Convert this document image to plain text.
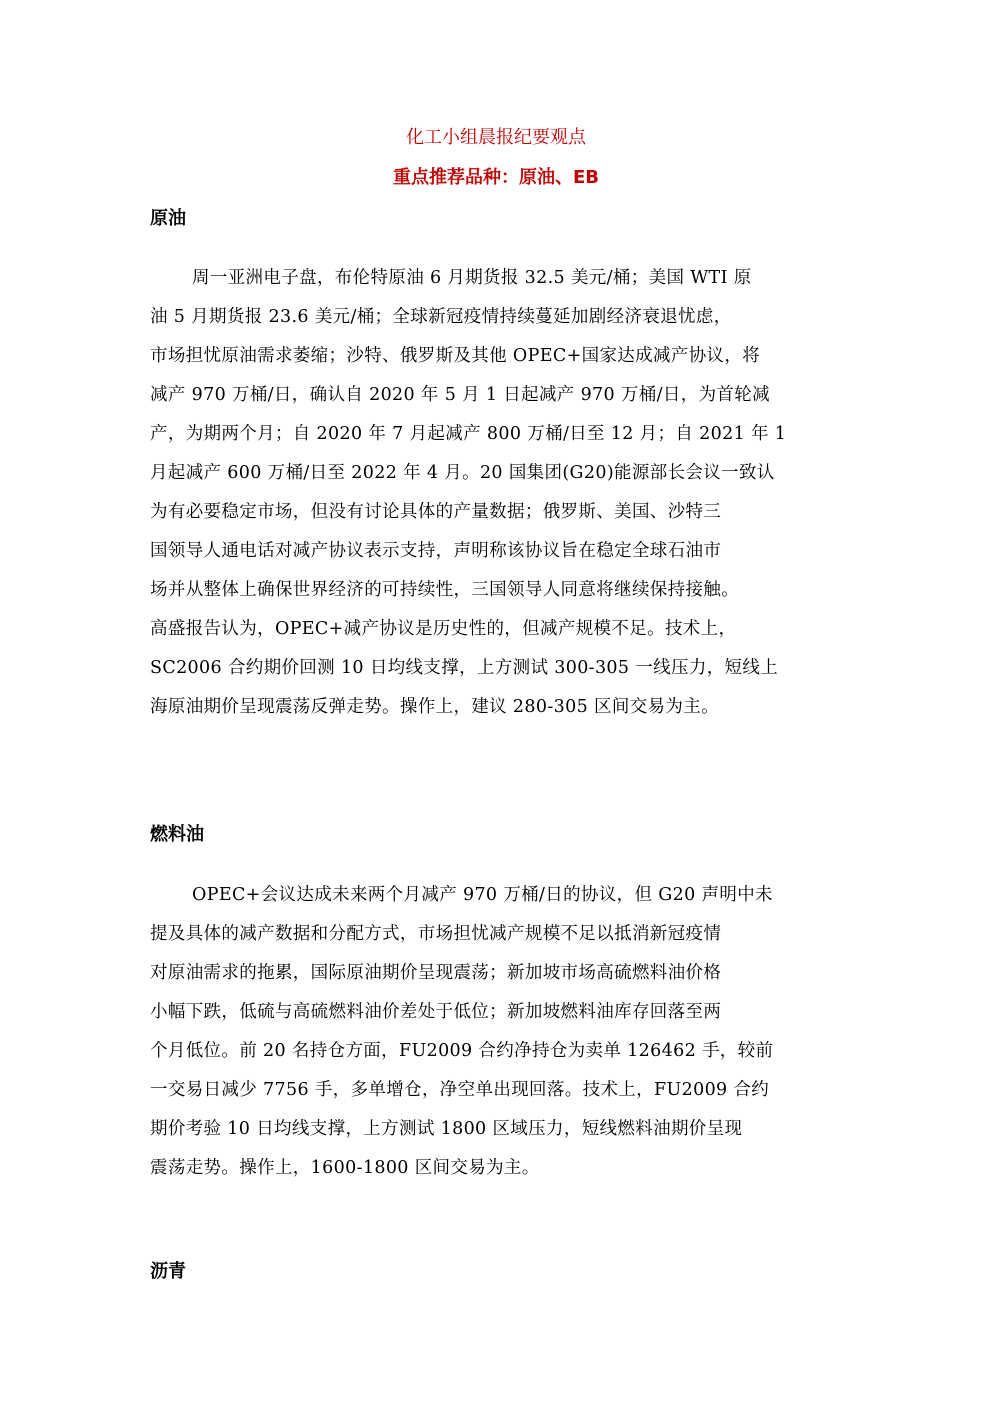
化工小组晨报纪要观点
重点推荐品种：原油、EB
原油
周一亚洲电子盘，布伦特原油 6 月期货报 32.5 美元/桶；美国 WTI 原
油 5 月期货报 23.6 美元/桶；全球新冠疫情持续蔓延加剧经济衰退忧虑，
市场担忧原油需求萎缩；沙特、俄罗斯及其他 OPEC+国家达成减产协议，将
减产 970 万桶/日，确认自 2020 年 5 月 1 日起减产 970 万桶/日，为首轮减
产，为期两个月；自 2020 年 7 月起减产 800 万桶/日至 12 月；自 2021 年 1
月起减产 600 万桶/日至 2022 年 4 月。20 国集团(G20)能源部长会议一致认
为有必要稳定市场，但没有讨论具体的产量数据；俄罗斯、美国、沙特三
国领导人通电话对减产协议表示支持，声明称该协议旨在稳定全球石油市
场并从整体上确保世界经济的可持续性，三国领导人同意将继续保持接触。
高盛报告认为，OPEC+减产协议是历史性的，但减产规模不足。技术上，
SC2006 合约期价回测 10 日均线支撑，上方测试 300-305 一线压力，短线上
海原油期价呈现震荡反弹走势。操作上，建议 280-305 区间交易为主。
燃料油
OPEC+会议达成未来两个月减产 970 万桶/日的协议，但 G20 声明中未
提及具体的减产数据和分配方式，市场担忧减产规模不足以抵消新冠疫情
对原油需求的拖累，国际原油期价呈现震荡；新加坡市场高硫燃料油价格
小幅下跌，低硫与高硫燃料油价差处于低位；新加坡燃料油库存回落至两
个月低位。前 20 名持仓方面，FU2009 合约净持仓为卖单 126462 手，较前
一交易日减少 7756 手，多单增仓，净空单出现回落。技术上，FU2009 合约
期价考验 10 日均线支撑，上方测试 1800 区域压力，短线燃料油期价呈现
震荡走势。操作上，1600-1800 区间交易为主。
沥青
